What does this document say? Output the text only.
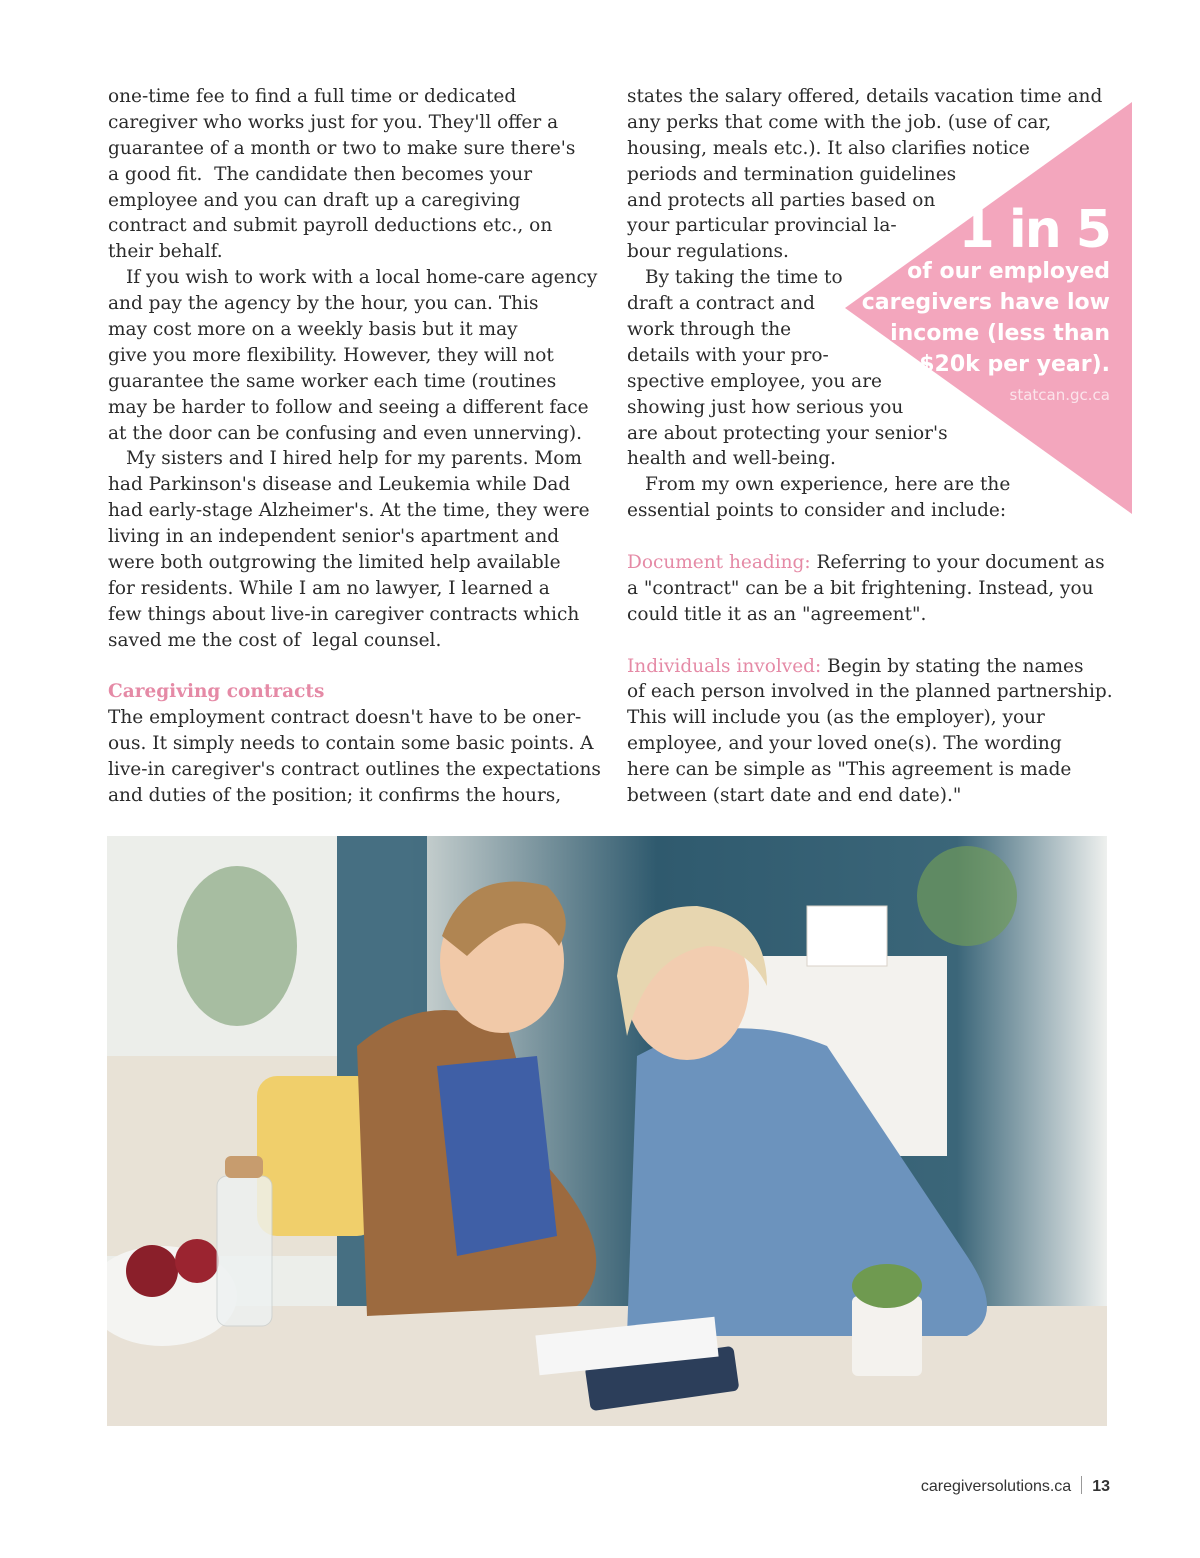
one-time fee to find a full time or dedicated
caregiver who works just for you. They'll offer a
guarantee of a month or two to make sure there's
a good fit.  The candidate then becomes your
employee and you can draft up a caregiving
contract and submit payroll deductions etc., on
their behalf.
If you wish to work with a local home-care agency
and pay the agency by the hour, you can. This
may cost more on a weekly basis but it may
give you more flexibility. However, they will not
guarantee the same worker each time (routines
may be harder to follow and seeing a different face
at the door can be confusing and even unnerving).
My sisters and I hired help for my parents. Mom
had Parkinson's disease and Leukemia while Dad
had early-stage Alzheimer's. At the time, they were
living in an independent senior's apartment and
were both outgrowing the limited help available
for residents. While I am no lawyer, I learned a
few things about live-in caregiver contracts which
saved me the cost of  legal counsel.
Caregiving contracts
The employment contract doesn't have to be oner-
ous. It simply needs to contain some basic points. A
live-in caregiver's contract outlines the expectations
and duties of the position; it confirms the hours,
1 in 5
of our employed
caregivers have low
income (less than
$20k per year).
statcan.gc.ca
states the salary offered, details vacation time and
any perks that come with the job. (use of car,
housing, meals etc.). It also clarifies notice
periods and termination guidelines
and protects all parties based on
your particular provincial la-
bour regulations.
By taking the time to
draft a contract and
work through the
details with your pro-
spective employee, you are
showing just how serious you
are about protecting your senior's
health and well-being.
From my own experience, here are the
essential points to consider and include:
Document heading: Referring to your document as
a "contract" can be a bit frightening. Instead, you
could title it as an "agreement".
Individuals involved: Begin by stating the names
of each person involved in the planned partnership.
This will include you (as the employer), your
employee, and your loved one(s). The wording
here can be simple as "This agreement is made
between (start date and end date)."
caregiversolutions.ca 13
